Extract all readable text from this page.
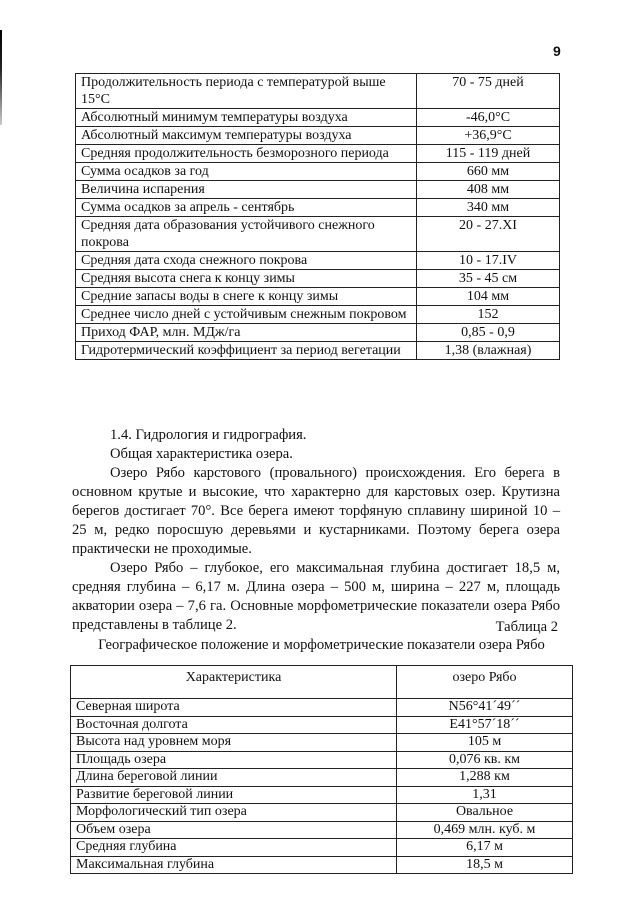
9
Продолжительность периода с температурой выше 15°С	70 - 75 дней
Абсолютный минимум температуры воздуха	-46,0°С
Абсолютный максимум температуры воздуха	+36,9°С
Средняя продолжительность безморозного периода	115 - 119 дней
Сумма осадков за год	660 мм
Величина испарения	408 мм
Сумма осадков за апрель - сентябрь	340 мм
Средняя дата образования устойчивого снежного покрова	20 - 27.XI
Средняя дата схода снежного покрова	10 - 17.IV
Средняя высота снега к концу зимы	35 - 45 см
Средние запасы воды в снеге к концу зимы	104 мм
Среднее число дней с устойчивым снежным покровом	152
Приход ФАР, млн. МДж/га	0,85 - 0,9
Гидротермический коэффициент за период вегетации	1,38 (влажная)
1.4. Гидрология и гидрография.
Общая характеристика озера.
Озеро Рябо карстового (провального) происхождения. Его берега в основном крутые и высокие, что характерно для карстовых озер. Крутизна берегов достигает 70°. Все берега имеют торфяную сплавину шириной 10 – 25 м, редко поросшую деревьями и кустарниками. Поэтому берега озера практически не проходимые.
Озеро Рябо – глубокое, его максимальная глубина достигает 18,5 м, средняя глубина – 6,17 м. Длина озера – 500 м, ширина – 227 м, площадь акватории озера – 7,6 га. Основные морфометрические показатели озера Рябо представлены в таблице 2.	Таблица 2
Географическое положение и морфометрические показатели озера Рябо
Характеристика	озеро Рябо
Северная широта	N56°41´49´´
Восточная долгота	E41°57´18´´
Высота над уровнем моря	105 м
Площадь озера	0,076 кв. км
Длина береговой линии	1,288 км
Развитие береговой линии	1,31
Морфологический тип озера	Овальное
Объем озера	0,469 млн. куб. м
Средняя глубина	6,17 м
Максимальная глубина	18,5 м
